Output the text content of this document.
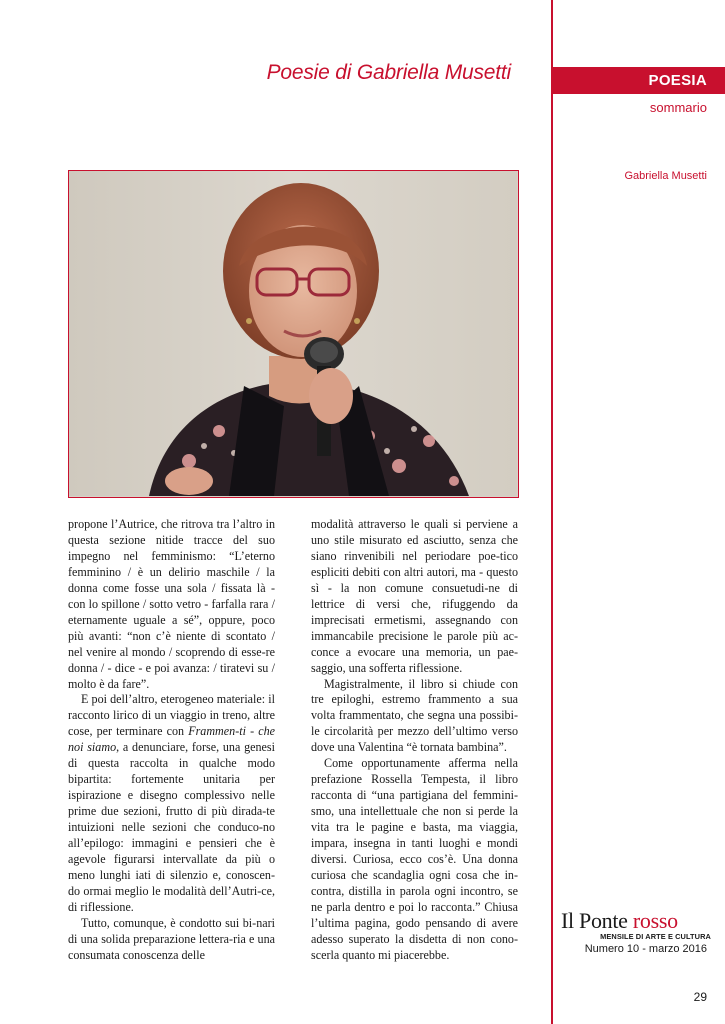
Poesie di Gabriella Musetti	POESIA
sommario
Gabriella Musetti

propone l’Autrice, che ritrova tra l’altro in questa sezione nitide tracce del suo impegno nel femminismo: “L’eterno femminino / è un delirio maschile / la donna come fosse una sola / fissata là - con lo spillone / sotto vetro - farfalla rara / eternamente uguale a sé”, oppure, poco più avanti: “non c’è niente di scontato / nel venire al mondo / scoprendo di esse-re donna / - dice - e poi avanza: / tiratevi su / molto è da fare”.

E poi dell’altro, eterogeneo materiale: il racconto lirico di un viaggio in treno, altre cose, per terminare con Frammen-ti - che noi siamo, a denunciare, forse, una genesi di questa raccolta in qualche modo bipartita: fortemente unitaria per ispirazione e disegno complessivo nelle prime due sezioni, frutto di più dirada-te intuizioni nelle sezioni che conduco-no all’epilogo: immagini e pensieri che è agevole figurarsi intervallate da più o meno lunghi iati di silenzio e, conoscen-do ormai meglio le modalità dell’Autri-ce, di riflessione.

Tutto, comunque, è condotto sui bi-nari di una solida preparazione lettera-ria e una consumata conoscenza delle

modalità attraverso le quali si perviene a uno stile misurato ed asciutto, senza che siano rinvenibili nel periodare poe-tico espliciti debiti con altri autori, ma - questo sì - la non comune consuetudi-ne di lettrice di versi che, rifuggendo da imprecisati ermetismi, assegnando con immancabile precisione le parole più ac-conce a evocare una memoria, un pae-saggio, una sofferta riflessione.

Magistralmente, il libro si chiude con tre epiloghi, estremo frammento a sua volta frammentato, che segna una possibi-le circolarità per mezzo dell’ultimo verso dove una Valentina “è tornata bambina”.

Come opportunamente afferma nella prefazione Rossella Tempesta, il libro racconta di “una partigiana del femmini-smo, una intellettuale che non si perde la vita tra le pagine e basta, ma viaggia, impara, insegna in tanti luoghi e mondi diversi. Curiosa, ecco cos’è. Una donna curiosa che scandaglia ogni cosa che in-contra, distilla in parola ogni incontro, se ne parla dentro e poi lo racconta.” Chiusa l’ultima pagina, godo pensando di avere adesso superato la disdetta di non cono-scerla quanto mi piacerebbe.

Il Ponte rosso
MENSILE DI ARTE E CULTURA
Numero 10 - marzo 2016
29
